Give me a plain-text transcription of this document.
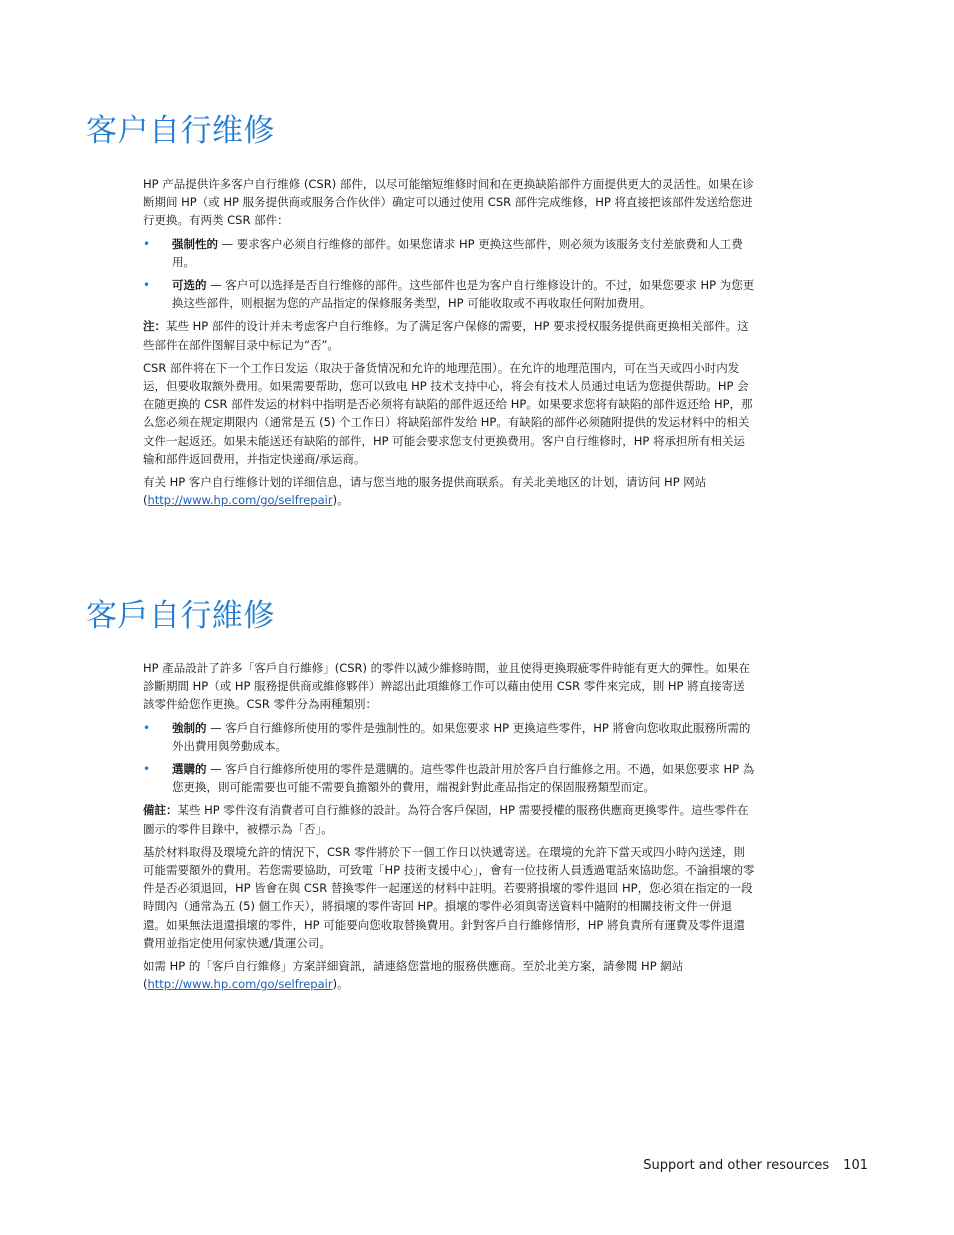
客户自行维修

HP 产品提供许多客户自行维修 (CSR) 部件，以尽可能缩短维修时间和在更换缺陷部件方面提供更大的灵活性。如果在诊断期间 HP（或 HP 服务提供商或服务合作伙伴）确定可以通过使用 CSR 部件完成维修，HP 将直接把该部件发送给您进行更换。有两类 CSR 部件：

• 强制性的 — 要求客户必须自行维修的部件。如果您请求 HP 更换这些部件，则必须为该服务支付差旅费和人工费用。
• 可选的 — 客户可以选择是否自行维修的部件。这些部件也是为客户自行维修设计的。不过，如果您要求 HP 为您更换这些部件，则根据为您的产品指定的保修服务类型，HP 可能收取或不再收取任何附加费用。

注：某些 HP 部件的设计并未考虑客户自行维修。为了满足客户保修的需要，HP 要求授权服务提供商更换相关部件。这些部件在部件图解目录中标记为“否”。

CSR 部件将在下一个工作日发运（取决于备货情况和允许的地理范围）。在允许的地理范围内，可在当天或四小时内发运，但要收取额外费用。如果需要帮助，您可以致电 HP 技术支持中心，将会有技术人员通过电话为您提供帮助。HP 会在随更换的 CSR 部件发运的材料中指明是否必须将有缺陷的部件返还给 HP。如果要求您将有缺陷的部件返还给 HP，那么您必须在规定期限内（通常是五 (5) 个工作日）将缺陷部件发给 HP。有缺陷的部件必须随附提供的发运材料中的相关文件一起返还。如果未能送还有缺陷的部件，HP 可能会要求您支付更换费用。客户自行维修时，HP 将承担所有相关运输和部件返回费用，并指定快递商/承运商。

有关 HP 客户自行维修计划的详细信息，请与您当地的服务提供商联系。有关北美地区的计划，请访问 HP 网站 (http://www.hp.com/go/selfrepair)。

客戶自行維修

HP 產品設計了許多「客戶自行維修」(CSR) 的零件以減少維修時間，並且使得更換瑕疵零件時能有更大的彈性。如果在診斷期間 HP（或 HP 服務提供商或維修夥伴）辨認出此項維修工作可以藉由使用 CSR 零件來完成，則 HP 將直接寄送該零件給您作更換。CSR 零件分為兩種類別：

• 強制的 — 客戶自行維修所使用的零件是強制性的。如果您要求 HP 更換這些零件，HP 將會向您收取此服務所需的外出費用與勞動成本。
• 選購的 — 客戶自行維修所使用的零件是選購的。這些零件也設計用於客戶自行維修之用。不過，如果您要求 HP 為您更換，則可能需要也可能不需要負擔額外的費用，端視針對此產品指定的保固服務類型而定。

備註：某些 HP 零件沒有消費者可自行維修的設計。為符合客戶保固，HP 需要授權的服務供應商更換零件。這些零件在圖示的零件目錄中，被標示為「否」。

基於材料取得及環境允許的情況下，CSR 零件將於下一個工作日以快遞寄送。在環境的允許下當天或四小時內送達，則可能需要額外的費用。若您需要協助，可致電「HP 技術支援中心」，會有一位技術人員透過電話來協助您。不論損壞的零件是否必須退回，HP 皆會在與 CSR 替換零件一起運送的材料中註明。若要將損壞的零件退回 HP，您必須在指定的一段時間內（通常為五 (5) 個工作天），將損壞的零件寄回 HP。損壞的零件必須與寄送資料中隨附的相關技術文件一併退還。如果無法退還損壞的零件，HP 可能要向您收取替換費用。針對客戶自行維修情形，HP 將負責所有運費及零件退還費用並指定使用何家快遞/貨運公司。

如需 HP 的「客戶自行維修」方案詳細資訊，請連絡您當地的服務供應商。至於北美方案，請參閱 HP 網站 (http://www.hp.com/go/selfrepair)。

Support and other resources 101
